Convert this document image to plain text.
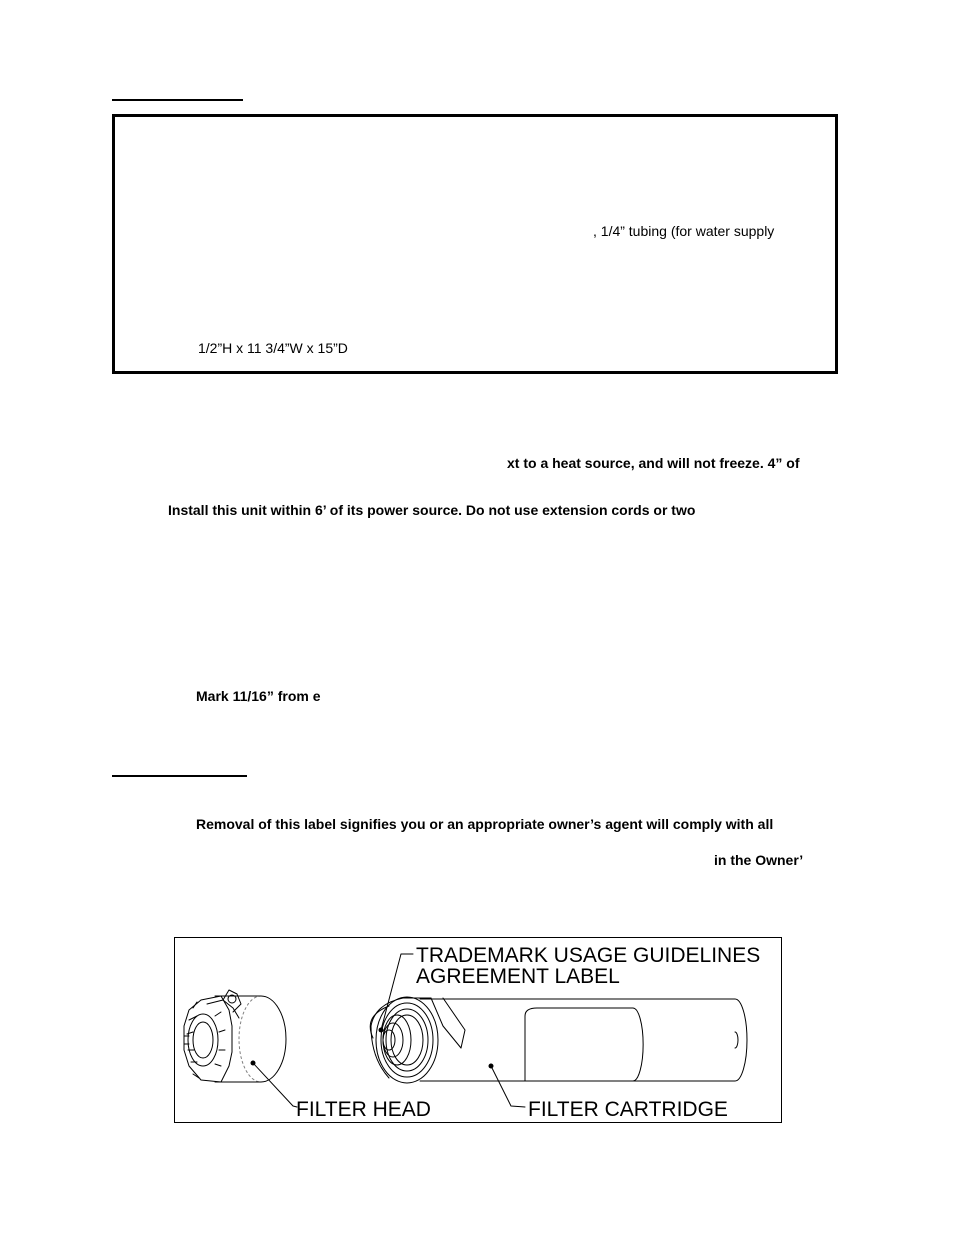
, 1/4” tubing (for water supply
1/2”H x 11 3/4”W x 15”D
xt to a heat source, and will not freeze. 4” of
Install this unit within 6’ of its power source. Do not use extension cords or two
Mark 11/16” from e
Removal of this label signifies you or an appropriate owner’s agent will comply with all
in the Owner’
TRADEMARK USAGE GUIDELINES
AGREEMENT LABEL
FILTER HEAD	FILTER CARTRIDGE
